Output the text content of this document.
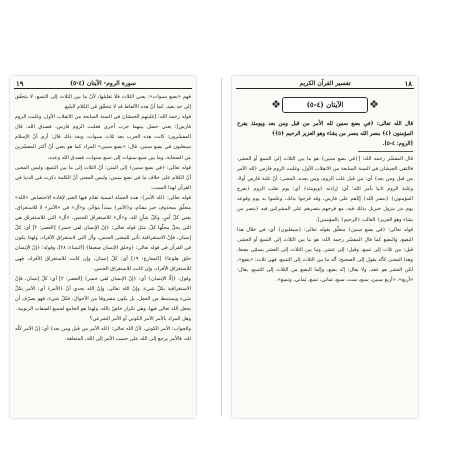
١٩	سورة الروم- الآيتان (٤-٥)

فهم «بضع سنوات»: يعني الثلاث فلا تقليلها، لأنّ ما بين الثلاث إلى التسع، لا يتحقّق إلى حد بعيد، كما أنّ هذه الألفاظ قد لا تتحقّق في الكلام البليغ.

قوله رحمه الله: [غلبتهم الحيشان في السنة السابعة من الانقلاب الأول، وغلبت الروم فارس]: يعني حصل بينهما حرب أخرى فغلبت الروم فارس، فصدق الله، قال المفسّرون: كانت هذه الحرب بعد ثلاث سنوات، وبعد ذلك قال: أرى أنّ الإسلام سيغلبون في بضع سنين، قال: «بضع سنين» المراد كما هو يعني أنّ أكثر المفسّرين من الصحابة، وما بين سبع سنوات إلى تسع سنوات، فصدق الله وعده.

قوله تعالى: ﴿في بضع سنين﴾ إلى المتن: أنّ الثلاث إلى ما بين التسع، وليس المعنى أنّ الكلام على خلاف ما في بضع سنين، وليس المعنى أنّ الكلمة ذكرت في الدنيا في القرآن لهذا السبب.

قوله تعالى: ﴿لله الأمر﴾: هذه الجملة اسمية تقدّم فيها الخبر لإفادة الاختصاص «الله» متعلّق بمحذوف خبر مقدّم، و﴿الأمر﴾ مبتدأ مؤخّر، و«أل» في «الأمر» لا للاستغراق، يعني كلّ أمرٍ، وكلّ شأنٍ لله، و«أل» للاستغراق الجنس، «أل» التي للاستغراق هي التي يحلّ محلّها كلّ، مثل قوله تعالى: ﴿إنّ الإنسان لفي خسر﴾ [العصر: ٢] أي: كلّ إنسان، فإنّ الاستغراقية تأتي للمعنى الجنس، وأل التي لاستغراق الأفراد، ولهذا يكون في القرآن في قوله تعالى: ﴿وخلق الإنسان ضعيفا﴾ [النساء: ٢٨]، وقوله: ﴿إنّ الإنسان خلق هلوعا﴾ [المعارج: ١٩] أي: كلّ إنسان، وإن كانت للاستغراق الأفراد، فهي للاستغراق الأفراد، وإن كانت للاستغراق الجنس.

وقول: ﴿إلّا الإنسان﴾ أي: ﴿إنّ الإنسان لفي خسر﴾ [العصر: ٢] أي: كلّ إنسان، فإنّ الاستغراقية بكلّ شيء، وإنّ الله تعالى، وإنّ الله يجدي أنّ ﴿الأمر﴾ أي: الأمر بكلّ شيء ويستنبط من العمل، بل يكون مصروفا من الأحوال، فكلّ شيء، فهو يصرّف أن يجعل الله تعالى فيها، وهي تكرار خاصّ بالله، ولهذا هو الجامع لجميع الصفات الربوبية.

وهل المراد بالأمر الأمر الكوني أو الأمر الشرعي؟

والجواب: الأمر الكوني، لأنّ الله تعالى: ﴿لله الأمر من قبل ومن بعد﴾ أي: إنّ الأمر كلّه لله، فالأمر يرجع إلى الله على حسب الأمر إلى الله، المتعلقة.

١٨
تفسير القرآن الكريم
❖
❖	الآيتان (٤-٥)

قال الله تعالى: ﴿في بضع سنين لله الأمر من قبل ومن بعد ويومئذ يفرح المؤمنون ﴿٤﴾ بنصر الله ينصر من يشاء وهو العزيز الرحيم ﴿٥﴾﴾

[الروم: ٤-٥].

قال المفسّر رحمه الله: [﴿في بضع سنين﴾ هو ما بين الثلاث إلى التسع أو العشر، فالتقى الجيشان في السنة السابعة من الانقلاب الأول، وغلبت الروم فارس ﴿لله الأمر من قبل ومن بعد﴾ أي: من قبل غلب الروم، ومن بعده، المعنى: أنّ غلبة فارس أولا، وغلبة الروم ثانيا بأمر الله؛ أي: إرادته ﴿ويومئذ﴾ أي: يوم تغلب الروم ﴿يفرح المؤمنون﴾ ﴿بنصر الله﴾ إيّاهم على فارس، وقد فرحوا بذلك، وعلموا به يوم وقوعه يوم بدر بنزول جبريل بذلك فيه، مع فرحهم بنصرهم على المشركين فيه ﴿ينصر من يشاء وهو العزيز﴾ الغالب ﴿الرحيم﴾ بالمؤمنين].

قوله تعالى: ﴿في بضع سنين﴾ متعلّق بقوله تعالى: ﴿سيغلبون﴾ أي: في خلال هذا البضع، والبضع كما قال المفسّر رحمه الله: هو ما بين الثلاث إلى التسع أو العشر، قيل: من ثلاث إلى تسع، وقيل: إلى عشر، وما بين الثلاث إلى العشر يسمّى بضعا، وهذا المعنى كأنّه يقول إلى الصحيح: أنّه ما بين الثلاث إلى التسع، فهي ثلاث: «بضع»، لكن العشر هو عقد، ولا يقال: إنّه بضع، وإنّما البضع من الثلاث إلى التسع، يقال: «أربع»، «أربع سنين، سبع، ست، سبع، ثماني، تسع، ثماني، وتسع».
